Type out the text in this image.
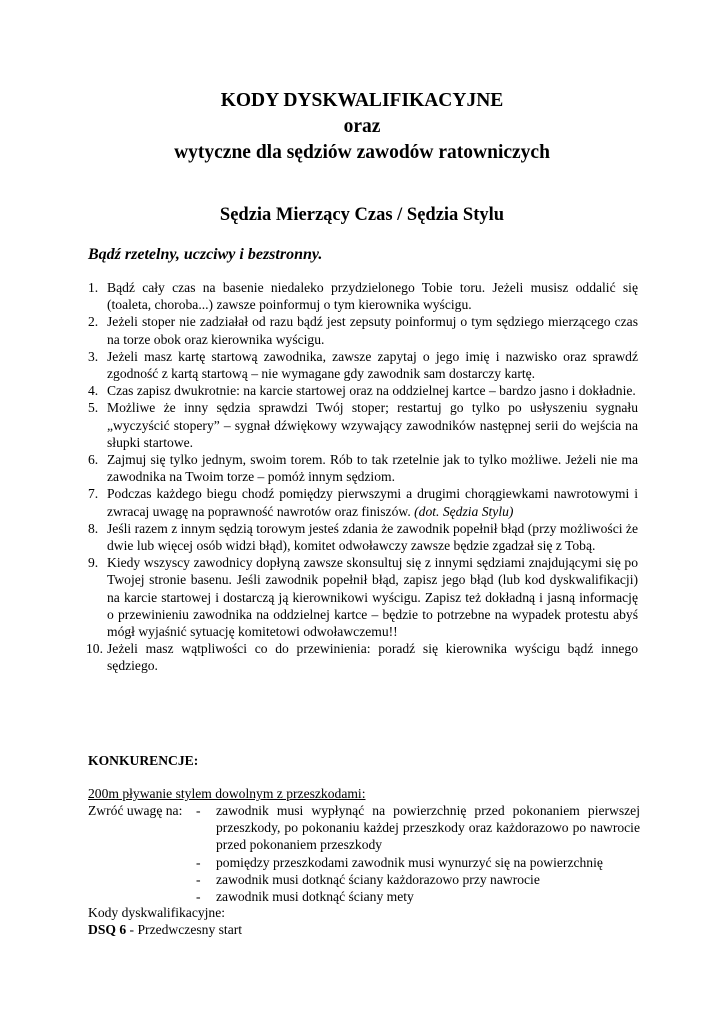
KODY DYSKWALIFIKACYJNE
oraz
wytyczne dla sędziów zawodów ratowniczych
Sędzia Mierzący Czas / Sędzia Stylu
Bądź rzetelny, uczciwy i bezstronny.
1. Bądź cały czas na basenie niedaleko przydzielonego Tobie toru. Jeżeli musisz oddalić się (toaleta, choroba...) zawsze poinformuj o tym kierownika wyścigu.
2. Jeżeli stoper nie zadziałał od razu bądź jest zepsuty poinformuj o tym sędziego mierzącego czas na torze obok oraz kierownika wyścigu.
3. Jeżeli masz kartę startową zawodnika, zawsze zapytaj o jego imię i nazwisko oraz sprawdź zgodność z kartą startową – nie wymagane gdy zawodnik sam dostarczy kartę.
4. Czas zapisz dwukrotnie: na karcie startowej oraz na oddzielnej kartce – bardzo jasno i dokładnie.
5. Możliwe że inny sędzia sprawdzi Twój stoper; restartuj go tylko po usłyszeniu sygnału „wyczyścić stopery” – sygnał dźwiękowy wzywający zawodników następnej serii do wejścia na słupki startowe.
6. Zajmuj się tylko jednym, swoim torem. Rób to tak rzetelnie jak to tylko możliwe. Jeżeli nie ma zawodnika na Twoim torze – pomóż innym sędziom.
7. Podczas każdego biegu chodź pomiędzy pierwszymi a drugimi chorągiewkami nawrotowymi i zwracaj uwagę na poprawność nawrotów oraz finiszów. (dot. Sędzia Stylu)
8. Jeśli razem z innym sędzią torowym jesteś zdania że zawodnik popełnił błąd (przy możliwości że dwie lub więcej osób widzi błąd), komitet odwoławczy zawsze będzie zgadzał się z Tobą.
9. Kiedy wszyscy zawodnicy dopłyną zawsze skonsultuj się z innymi sędziami znajdującymi się po Twojej stronie basenu. Jeśli zawodnik popełnił błąd, zapisz jego błąd (lub kod dyskwalifikacji) na karcie startowej i dostarczą ją kierownikowi wyścigu. Zapisz też dokładną i jasną informację o przewinieniu zawodnika na oddzielnej kartce – będzie to potrzebne na wypadek protestu abyś mógł wyjaśnić sytuację komitetowi odwoławczemu!!
10. Jeżeli masz wątpliwości co do przewinienia: poradź się kierownika wyścigu bądź innego sędziego.
KONKURENCJE:
200m pływanie stylem dowolnym z przeszkodami:
Zwróć uwagę na: - zawodnik musi wypłynąć na powierzchnię przed pokonaniem pierwszej przeszkody, po pokonaniu każdej przeszkody oraz każdorazowo po nawrocie przed pokonaniem przeszkody
- pomiędzy przeszkodami zawodnik musi wynurzyć się na powierzchnię
- zawodnik musi dotknąć ściany każdorazowo przy nawrocie
- zawodnik musi dotknąć ściany mety
Kody dyskwalifikacyjne:
DSQ 6 - Przedwczesny start
